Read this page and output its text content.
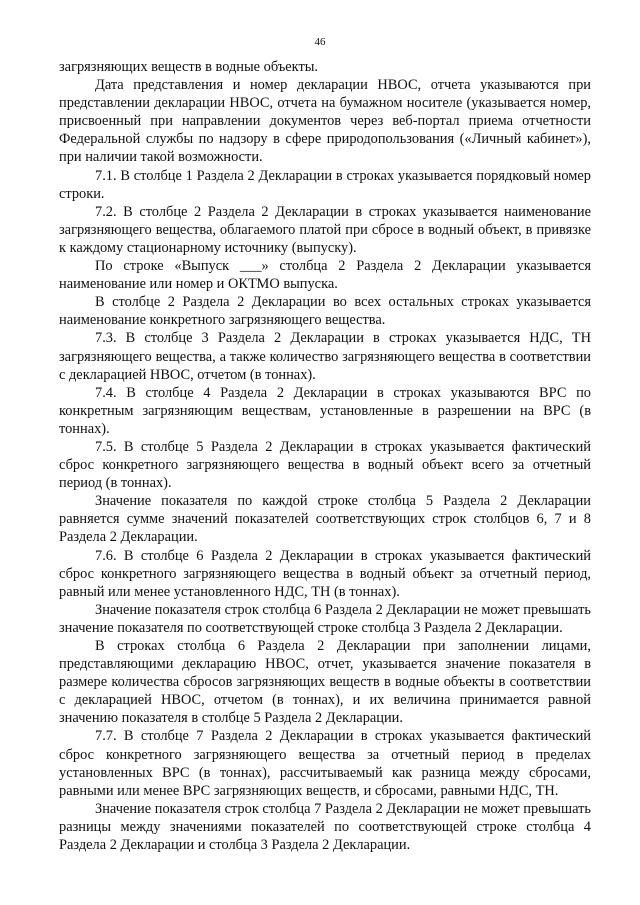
46

загрязняющих веществ в водные объекты.

Дата представления и номер декларации НВОС, отчета указываются при представлении декларации НВОС, отчета на бумажном носителе (указывается номер, присвоенный при направлении документов через веб-портал приема отчетности Федеральной службы по надзору в сфере природопользования («Личный кабинет»), при наличии такой возможности.

7.1. В столбце 1 Раздела 2 Декларации в строках указывается порядковый номер строки.

7.2. В столбце 2 Раздела 2 Декларации в строках указывается наименование загрязняющего вещества, облагаемого платой при сбросе в водный объект, в привязке к каждому стационарному источнику (выпуску).

По строке «Выпуск ___» столбца 2 Раздела 2 Декларации указывается наименование или номер и ОКТМО выпуска.

В столбце 2 Раздела 2 Декларации во всех остальных строках указывается наименование конкретного загрязняющего вещества.

7.3. В столбце 3 Раздела 2 Декларации в строках указывается НДС, ТН загрязняющего вещества, а также количество загрязняющего вещества в соответствии с декларацией НВОС, отчетом (в тоннах).

7.4. В столбце 4 Раздела 2 Декларации в строках указываются ВРС по конкретным загрязняющим веществам, установленные в разрешении на ВРС (в тоннах).

7.5. В столбце 5 Раздела 2 Декларации в строках указывается фактический сброс конкретного загрязняющего вещества в водный объект всего за отчетный период (в тоннах).

Значение показателя по каждой строке столбца 5 Раздела 2 Декларации равняется сумме значений показателей соответствующих строк столбцов 6, 7 и 8 Раздела 2 Декларации.

7.6. В столбце 6 Раздела 2 Декларации в строках указывается фактический сброс конкретного загрязняющего вещества в водный объект за отчетный период, равный или менее установленного НДС, ТН (в тоннах).

Значение показателя строк столбца 6 Раздела 2 Декларации не может превышать значение показателя по соответствующей строке столбца 3 Раздела 2 Декларации.

В строках столбца 6 Раздела 2 Декларации при заполнении лицами, представляющими декларацию НВОС, отчет, указывается значение показателя в размере количества сбросов загрязняющих веществ в водные объекты в соответствии с декларацией НВОС, отчетом (в тоннах), и их величина принимается равной значению показателя в столбце 5 Раздела 2 Декларации.

7.7. В столбце 7 Раздела 2 Декларации в строках указывается фактический сброс конкретного загрязняющего вещества за отчетный период в пределах установленных ВРС (в тоннах), рассчитываемый как разница между сбросами, равными или менее ВРС загрязняющих веществ, и сбросами, равными НДС, ТН.

Значение показателя строк столбца 7 Раздела 2 Декларации не может превышать разницы между значениями показателей по соответствующей строке столбца 4 Раздела 2 Декларации и столбца 3 Раздела 2 Декларации.
